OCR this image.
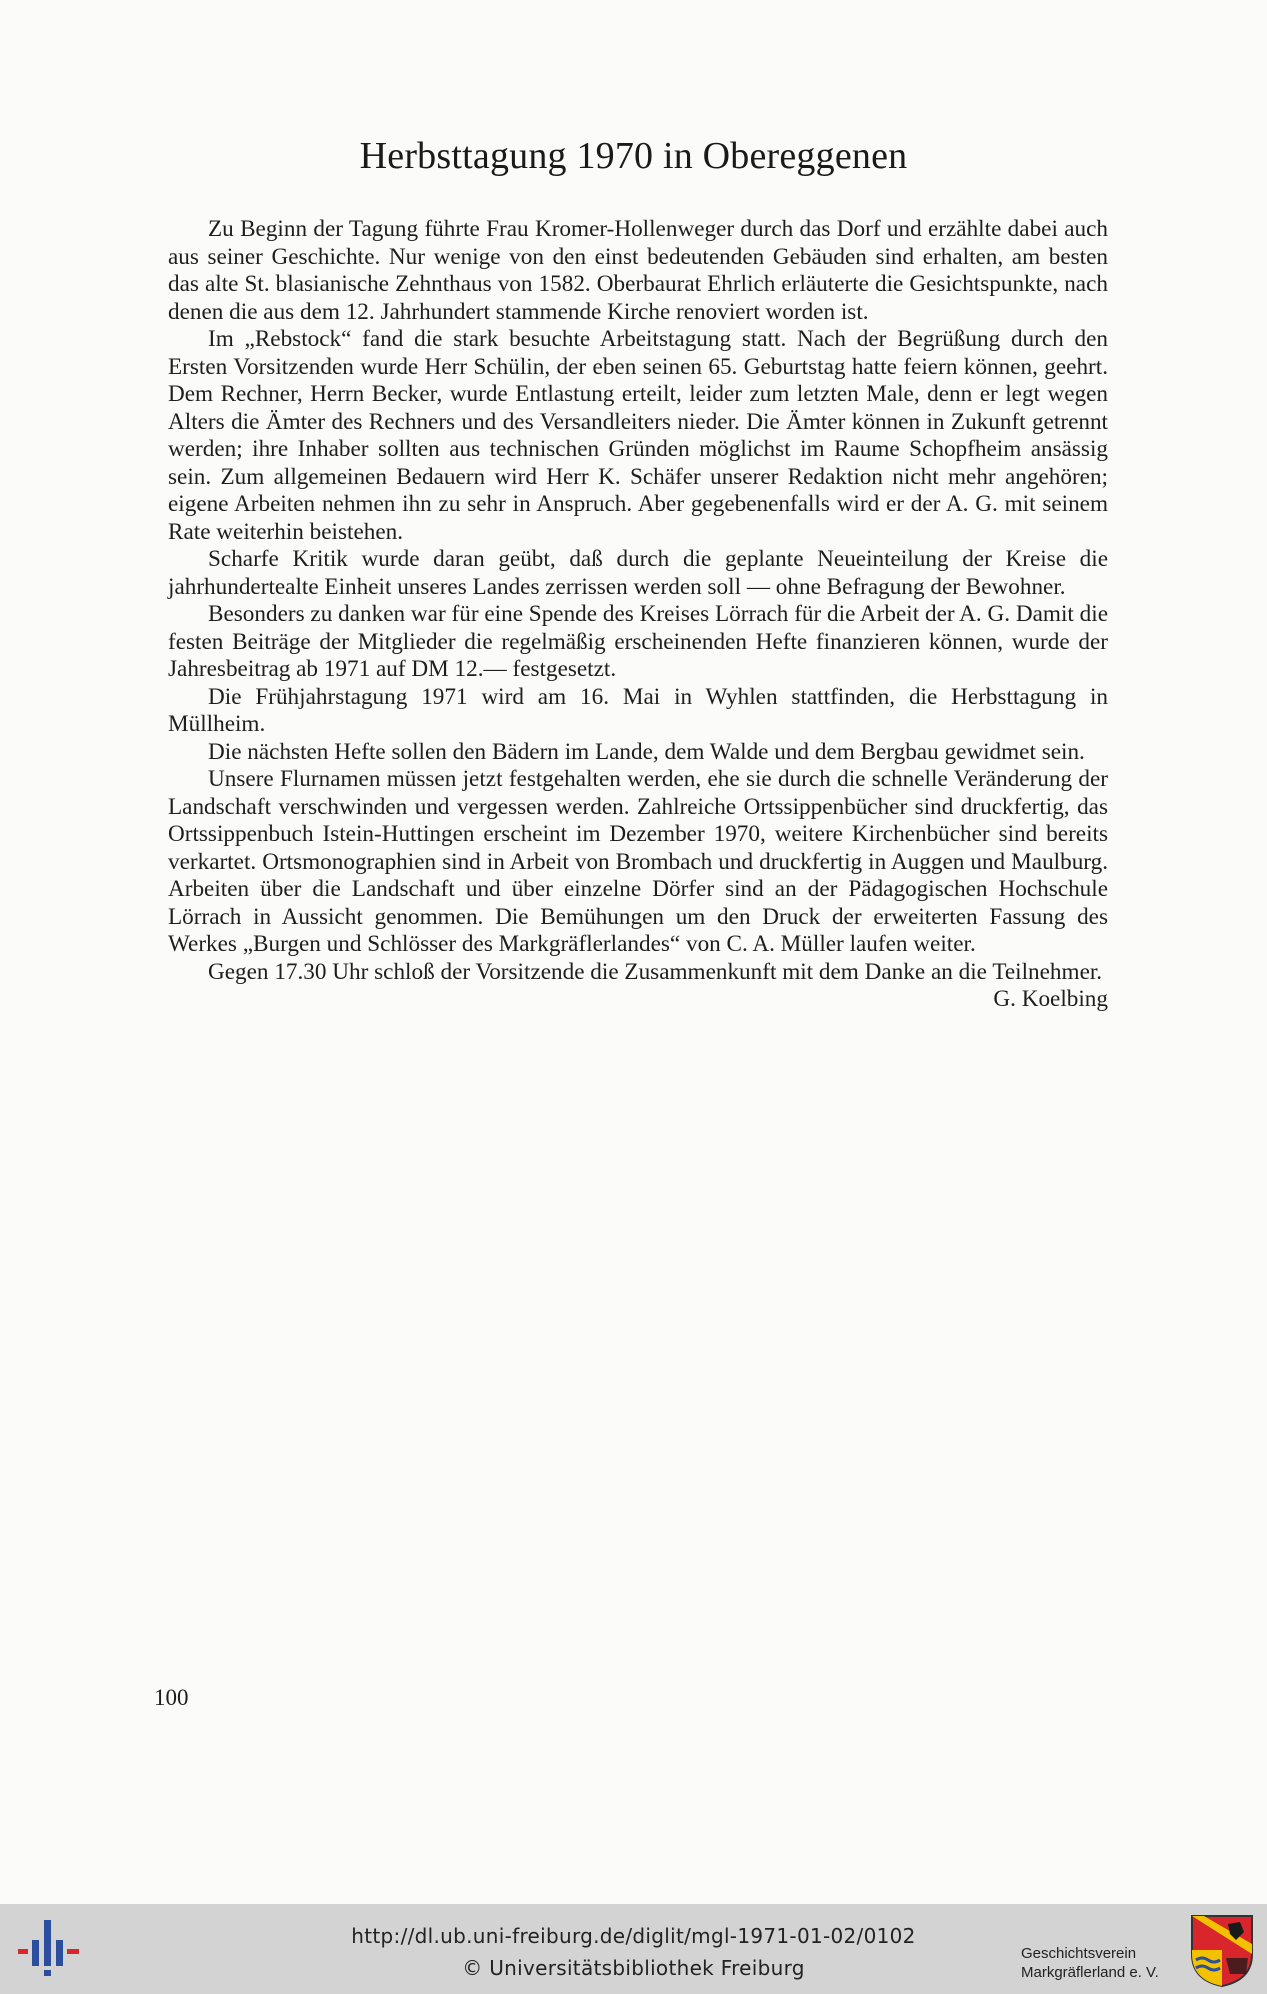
Herbsttagung 1970 in Obereggenen

Zu Beginn der Tagung führte Frau Kromer-Hollenweger durch das Dorf und erzählte dabei auch aus seiner Geschichte. Nur wenige von den einst bedeutenden Gebäuden sind erhalten, am besten das alte St. blasianische Zehnthaus von 1582. Oberbaurat Ehrlich erläuterte die Gesichtspunkte, nach denen die aus dem 12. Jahrhundert stammende Kirche renoviert worden ist.

Im „Rebstock“ fand die stark besuchte Arbeitstagung statt. Nach der Begrüßung durch den Ersten Vorsitzenden wurde Herr Schülin, der eben seinen 65. Geburtstag hatte feiern können, geehrt. Dem Rechner, Herrn Becker, wurde Entlastung erteilt, leider zum letzten Male, denn er legt wegen Alters die Ämter des Rechners und des Versandleiters nieder. Die Ämter können in Zukunft getrennt werden; ihre Inhaber sollten aus technischen Gründen möglichst im Raume Schopfheim ansässig sein. Zum allgemeinen Bedauern wird Herr K. Schäfer unserer Redaktion nicht mehr angehören; eigene Arbeiten nehmen ihn zu sehr in Anspruch. Aber gegebenenfalls wird er der A. G. mit seinem Rate weiterhin beistehen.

Scharfe Kritik wurde daran geübt, daß durch die geplante Neueinteilung der Kreise die jahrhundertealte Einheit unseres Landes zerrissen werden soll — ohne Befragung der Bewohner.

Besonders zu danken war für eine Spende des Kreises Lörrach für die Arbeit der A. G. Damit die festen Beiträge der Mitglieder die regelmäßig erscheinenden Hefte finanzieren können, wurde der Jahresbeitrag ab 1971 auf DM 12.— festgesetzt.

Die Frühjahrstagung 1971 wird am 16. Mai in Wyhlen stattfinden, die Herbsttagung in Müllheim.

Die nächsten Hefte sollen den Bädern im Lande, dem Walde und dem Bergbau gewidmet sein.

Unsere Flurnamen müssen jetzt festgehalten werden, ehe sie durch die schnelle Veränderung der Landschaft verschwinden und vergessen werden. Zahlreiche Ortssippenbücher sind druckfertig, das Ortssippenbuch Istein-Huttingen erscheint im Dezember 1970, weitere Kirchenbücher sind bereits verkartet. Ortsmonographien sind in Arbeit von Brombach und druckfertig in Auggen und Maulburg. Arbeiten über die Landschaft und über einzelne Dörfer sind an der Pädagogischen Hochschule Lörrach in Aussicht genommen. Die Bemühungen um den Druck der erweiterten Fassung des Werkes „Burgen und Schlösser des Markgräflerlandes“ von C. A. Müller laufen weiter.

Gegen 17.30 Uhr schloß der Vorsitzende die Zusammenkunft mit dem Danke an die Teilnehmer.

G. Koelbing

100
http://dl.ub.uni-freiburg.de/diglit/mgl-1971-01-02/0102
© Universitätsbibliothek Freiburg
Geschichtsverein
Markgräflerland e. V.
